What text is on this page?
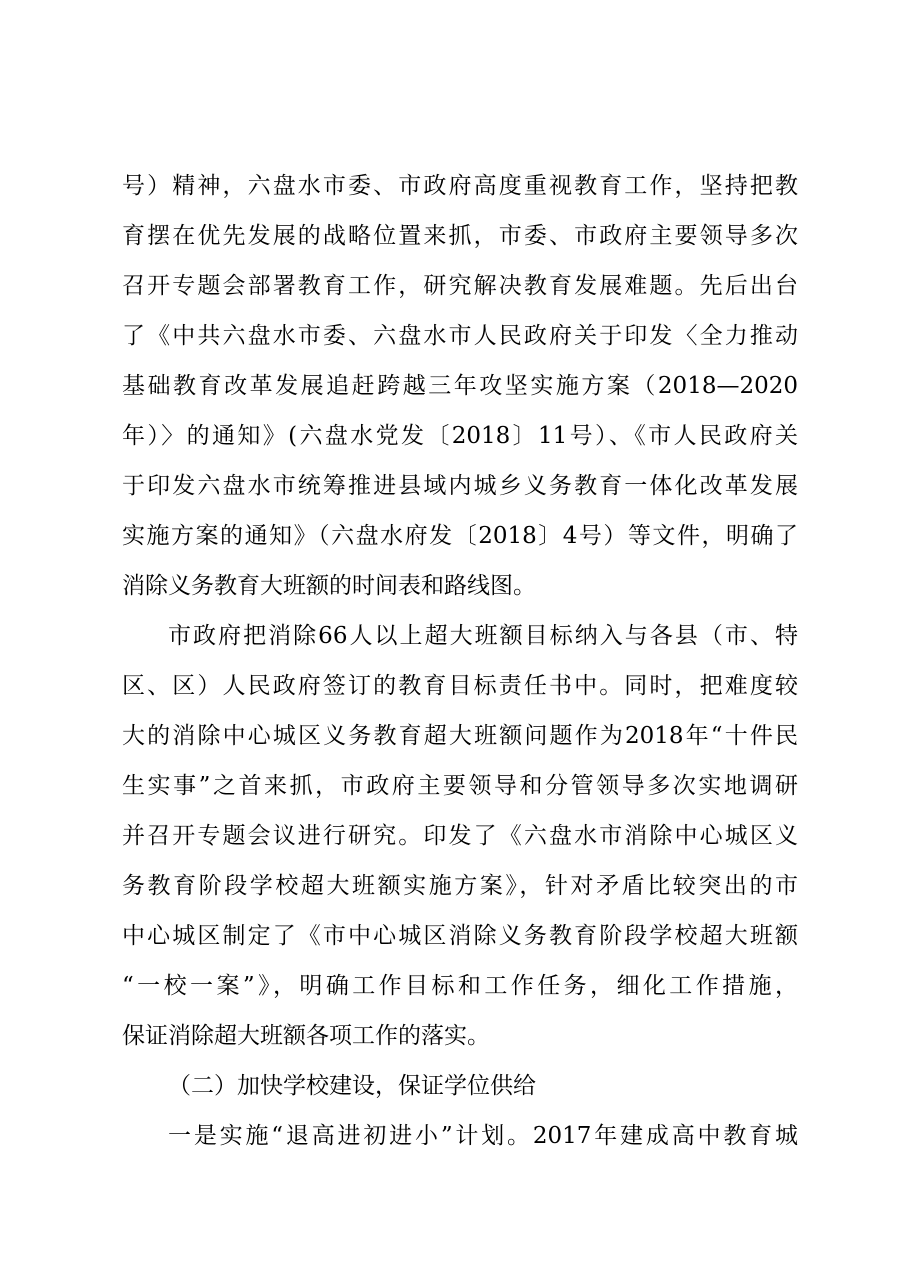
号）精神，六盘水市委、市政府高度重视教育工作，坚持把教
育摆在优先发展的战略位置来抓，市委、市政府主要领导多次
召开专题会部署教育工作，研究解决教育发展难题。先后出台
了《中共六盘水市委、六盘水市人民政府关于印发〈全力推动
基础教育改革发展追赶跨越三年攻坚实施方案（2018—2020
年）〉的通知》(六盘水党发〔2018〕11号）、《市人民政府关
于印发六盘水市统筹推进县域内城乡义务教育一体化改革发展
实施方案的通知》（六盘水府发〔2018〕4号）等文件，明确了
消除义务教育大班额的时间表和路线图。
市政府把消除66人以上超大班额目标纳入与各县（市、特
区、区）人民政府签订的教育目标责任书中。同时，把难度较
大的消除中心城区义务教育超大班额问题作为2018年“十件民
生实事”之首来抓，市政府主要领导和分管领导多次实地调研
并召开专题会议进行研究。印发了《六盘水市消除中心城区义
务教育阶段学校超大班额实施方案》，针对矛盾比较突出的市
中心城区制定了《市中心城区消除义务教育阶段学校超大班额
“一校一案”》，明确工作目标和工作任务，细化工作措施，
保证消除超大班额各项工作的落实。
（二）加快学校建设，保证学位供给
一是实施“退高进初进小”计划。2017年建成高中教育城
